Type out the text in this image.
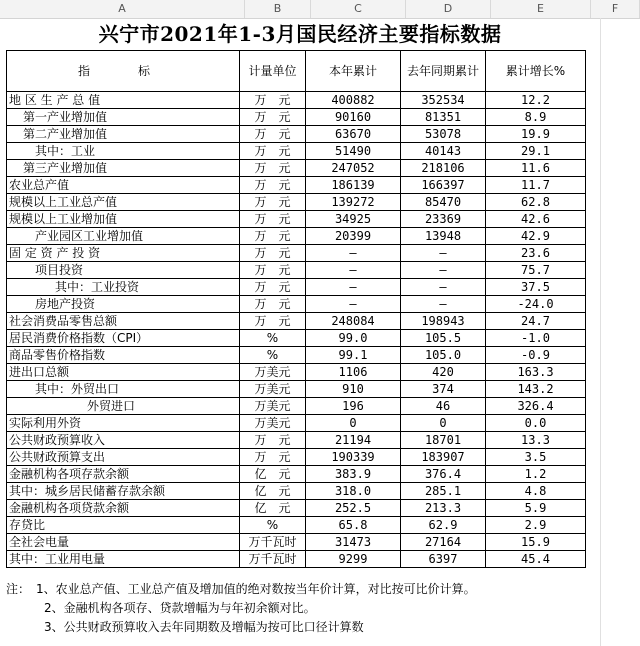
A	B	C	D	E	F
兴宁市2021年1-3月国民经济主要指标数据
指　标	计量单位	本年累计	去年同期累计	累计增长%
地 区 生 产 总 值	万　元	400882	352534	12.2
第一产业增加值	万　元	90160	81351	8.9
第二产业增加值	万　元	63670	53078	19.9
其中：工业	万　元	51490	40143	29.1
第三产业增加值	万　元	247052	218106	11.6
农业总产值	万　元	186139	166397	11.7
规模以上工业总产值	万　元	139272	85470	62.8
规模以上工业增加值	万　元	34925	23369	42.6
产业园区工业增加值	万　元	20399	13948	42.9
固 定 资 产 投 资	万　元	—	—	23.6
项目投资	万　元	—	—	75.7
其中：工业投资	万　元	—	—	37.5
房地产投资	万　元	—	—	-24.0
社会消费品零售总额	万　元	248084	198943	24.7
居民消费价格指数（CPI）	%	99.0	105.5	-1.0
商品零售价格指数	%	99.1	105.0	-0.9
进出口总额	万美元	1106	420	163.3
其中：外贸出口	万美元	910	374	143.2
外贸进口	万美元	196	46	326.4
实际利用外资	万美元	0	0	0.0
公共财政预算收入	万　元	21194	18701	13.3
公共财政预算支出	万　元	190339	183907	3.5
金融机构各项存款余额	亿　元	383.9	376.4	1.2
其中：城乡居民储蓄存款余额	亿　元	318.0	285.1	4.8
金融机构各项贷款余额	亿　元	252.5	213.3	5.9
存贷比	%	65.8	62.9	2.9
全社会电量	万千瓦时	31473	27164	15.9
其中：工业用电量	万千瓦时	9299	6397	45.4
注：　1、农业总产值、工业总产值及增加值的绝对数按当年价计算，对比按可比价计算。
2、金融机构各项存、贷款增幅为与年初余额对比。
3、公共财政预算收入去年同期数及增幅为按可比口径计算数
